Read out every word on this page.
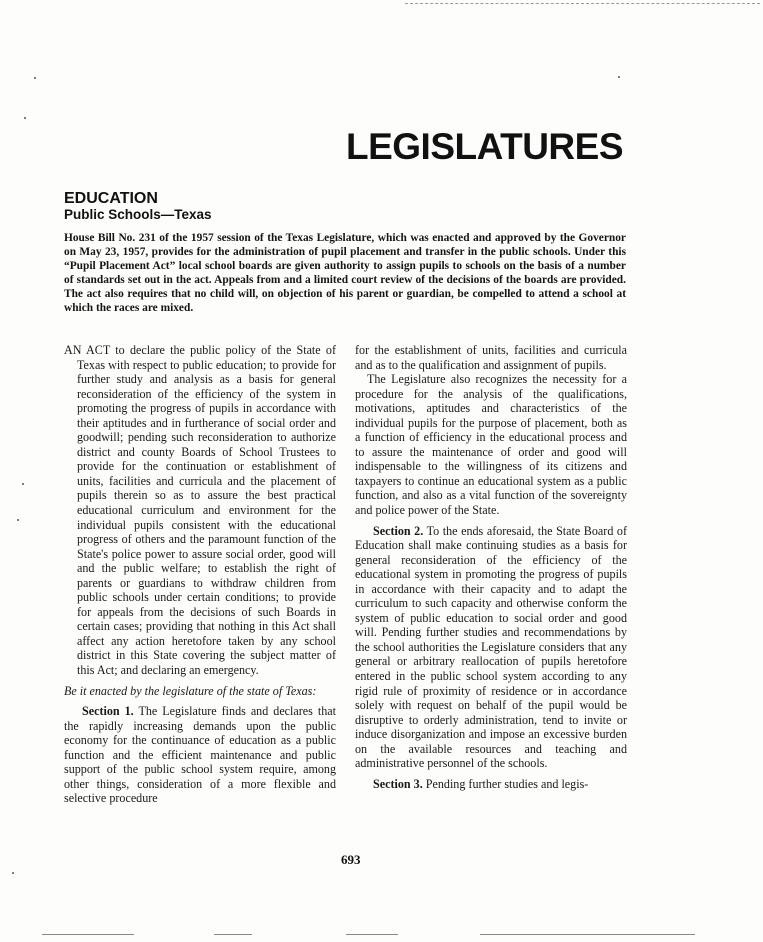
LEGISLATURES
EDUCATION
Public Schools—Texas
House Bill No. 231 of the 1957 session of the Texas Legislature, which was enacted and approved by the Governor on May 23, 1957, provides for the administration of pupil placement and transfer in the public schools. Under this “Pupil Placement Act” local school boards are given authority to assign pupils to schools on the basis of a number of standards set out in the act. Appeals from and a limited court review of the decisions of the boards are provided. The act also requires that no child will, on objection of his parent or guardian, be compelled to attend a school at which the races are mixed.

AN ACT to declare the public policy of the State of Texas with respect to public education; to provide for further study and analysis as a basis for general reconsideration of the efficiency of the system in promoting the progress of pupils in accordance with their aptitudes and in furtherance of social order and goodwill; pending such reconsideration to authorize district and county Boards of School Trustees to provide for the continuation or establishment of units, facilities and curricula and the placement of pupils therein so as to assure the best practical educational curriculum and environment for the individual pupils consistent with the educational progress of others and the paramount function of the State's police power to assure social order, good will and the public welfare; to establish the right of parents or guardians to withdraw children from public schools under certain conditions; to provide for appeals from the decisions of such Boards in certain cases; providing that nothing in this Act shall affect any action heretofore taken by any school district in this State covering the subject matter of this Act; and declaring an emergency.

Be it enacted by the legislature of the state of Texas:

Section 1. The Legislature finds and declares that the rapidly increasing demands upon the public economy for the continuance of education as a public function and the efficient maintenance and public support of the public school system require, among other things, consideration of a more flexible and selective procedure

for the establishment of units, facilities and curricula and as to the qualification and assignment of pupils.

The Legislature also recognizes the necessity for a procedure for the analysis of the qualifications, motivations, aptitudes and characteristics of the individual pupils for the purpose of placement, both as a function of efficiency in the educational process and to assure the maintenance of order and good will indispensable to the willingness of its citizens and taxpayers to continue an educational system as a public function, and also as a vital function of the sovereignty and police power of the State.

Section 2. To the ends aforesaid, the State Board of Education shall make continuing studies as a basis for general reconsideration of the efficiency of the educational system in promoting the progress of pupils in accordance with their capacity and to adapt the curriculum to such capacity and otherwise conform the system of public education to social order and good will. Pending further studies and recommendations by the school authorities the Legislature considers that any general or arbitrary reallocation of pupils heretofore entered in the public school system according to any rigid rule of proximity of residence or in accordance solely with request on behalf of the pupil would be disruptive to orderly administration, tend to invite or induce disorganization and impose an excessive burden on the available resources and teaching and administrative personnel of the schools.

Section 3. Pending further studies and legis-

693
